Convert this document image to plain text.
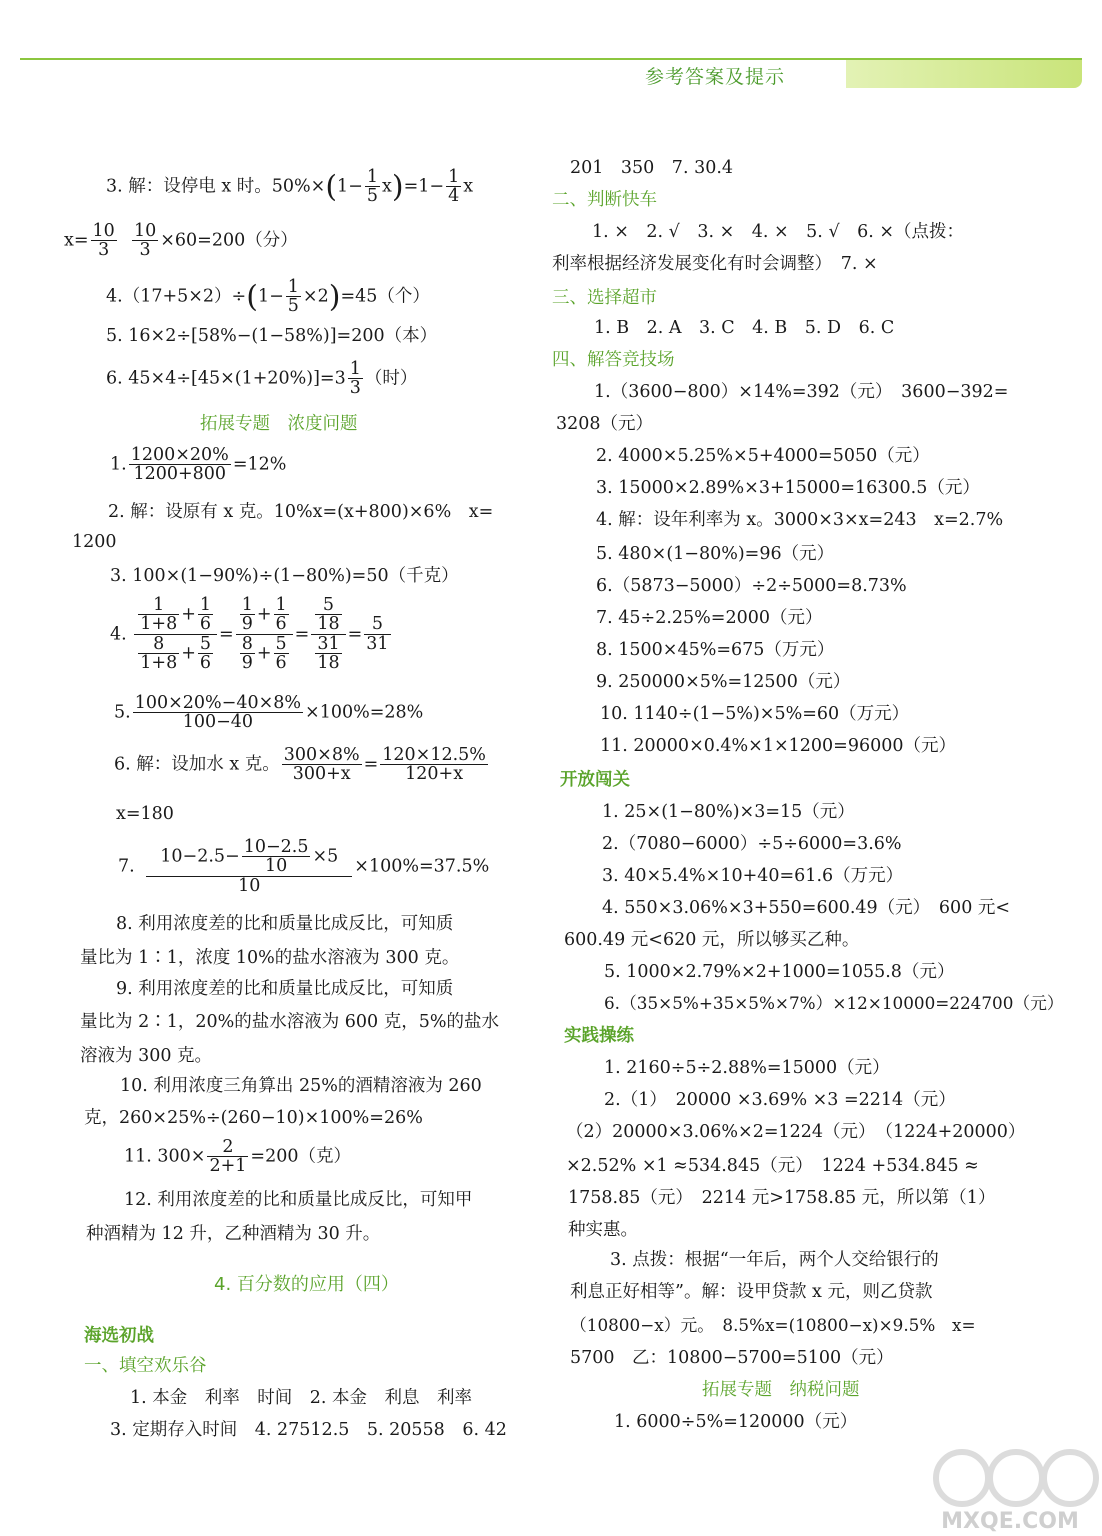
参考答案及提示
3. 解：设停电 x 时。$50\%\times(1- \frac{1}{5} x)=1- \frac{1}{4}$ x
$x= \frac{10}{3}$
$\frac{10}{3} \times 60=200$（分）
$4.(17+5\times 2)\div(1- \frac{1}{5} \times 2)=45$（个）
5. 16×2÷[58%−(1−58%)]=200（本）
6. $45\times 4\div[45\times(1+20\%)]=3 \frac{1}{3}$ （时）
拓展专题　浓度问题
1. $\frac{1200\times 20\%}{1200+800} =12\%$
2. 解：设原有 x 克。10%x=(x+800)×6%　x=
1200
3. 100×(1−90%)÷(1−80%)=50（千克）
4. $\frac{\frac{1}{1+8} + \frac{1}{6}}{\frac{8}{1+8} + \frac{5}{6}} = \frac{\frac{1}{9} + \frac{1}{6}}{\frac{8}{9} + \frac{5}{6}} = \frac{\frac{5}{18}}{\frac{31}{18}} = \frac{5}{31}$
5. $\frac{100\times 20\%-40\times 8\%}{100-40} \times 100\%=28\%$
6. 解：设加水 x 克。 $\frac{300\times 8\%}{300+x} = \frac{120\times 12.5\%}{120+x}$
x=180
7. $\frac{10-2.5- \frac{10-2.5}{10} \times 5}{10} \times 100\%=37.5\%$
8. 利用浓度差的比和质量比成反比，可知质
量比为 1∶1，浓度 10%的盐水溶液为 300 克。
9. 利用浓度差的比和质量比成反比，可知质
量比为 2∶1，20%的盐水溶液为 600 克，5%的盐水
溶液为 300 克。
10. 利用浓度三角算出 25%的酒精溶液为 260
克，260×25%÷(260−10)×100%=26%
11. $300\times \frac{2}{2+1} =200$（克）
12. 利用浓度差的比和质量比成反比，可知甲
种酒精为 12 升，乙种酒精为 30 升。
4. 百分数的应用（四）
海选初战
一、填空欢乐谷
1. 本金　利率　时间　2. 本金　利息　利率
3. 定期存入时间　4. 27512.5　5. 20558　6. 42
201　350　7. 30.4
二、判断快车
1. ×　2. √　3. ×　4. ×　5. √　6. ×（点拨：
利率根据经济发展变化有时会调整）　7. ×
三、选择超市
1. B　2. A　3. C　4. B　5. D　6. C
四、解答竞技场
1.（3600−800）×14%=392（元）　3600−392=
3208（元）
2. 4000×5.25%×5+4000=5050（元）
3. 15000×2.89%×3+15000=16300.5（元）
4. 解：设年利率为 x。3000×3×x=243　x=2.7%
5. 480×(1−80%)=96（元）
6.（5873−5000）÷2÷5000=8.73%
7. 45÷2.25%=2000（元）
8. 1500×45%=675（万元）
9. 250000×5%=12500（元）
10. 1140÷(1−5%)×5%=60（万元）
11. 20000×0.4%×1×1200=96000（元）
开放闯关
1. 25×(1−80%)×3=15（元）
2.（7080−6000）÷5÷6000=3.6%
3. 40×5.4%×10+40=61.6（万元）
4. 550×3.06%×3+550=600.49（元）　600 元<
600.49 元<620 元，所以够买乙种。
5. 1000×2.79%×2+1000=1055.8（元）
6.（35×5%+35×5%×7%）×12×10000=224700（元）
实践操练
1. 2160÷5÷2.88%=15000（元）
2.（1）　20000 ×3.69% ×3 =2214（元）
（2）20000×3.06%×2=1224（元）　（1224+20000）
×2.52% ×1 ≈534.845（元）　1224 +534.845 ≈
1758.85（元）　2214 元>1758.85 元，所以第（1）
种实惠。
3. 点拨：根据“一年后，两个人交给银行的
利息正好相等”。解：设甲贷款 x 元，则乙贷款
（10800−x）元。　8.5%x=(10800−x)×9.5%　x=
5700　乙：10800−5700=5100（元）
拓展专题　纳税问题
1. 6000÷5%=120000（元）
MXQE.COM
